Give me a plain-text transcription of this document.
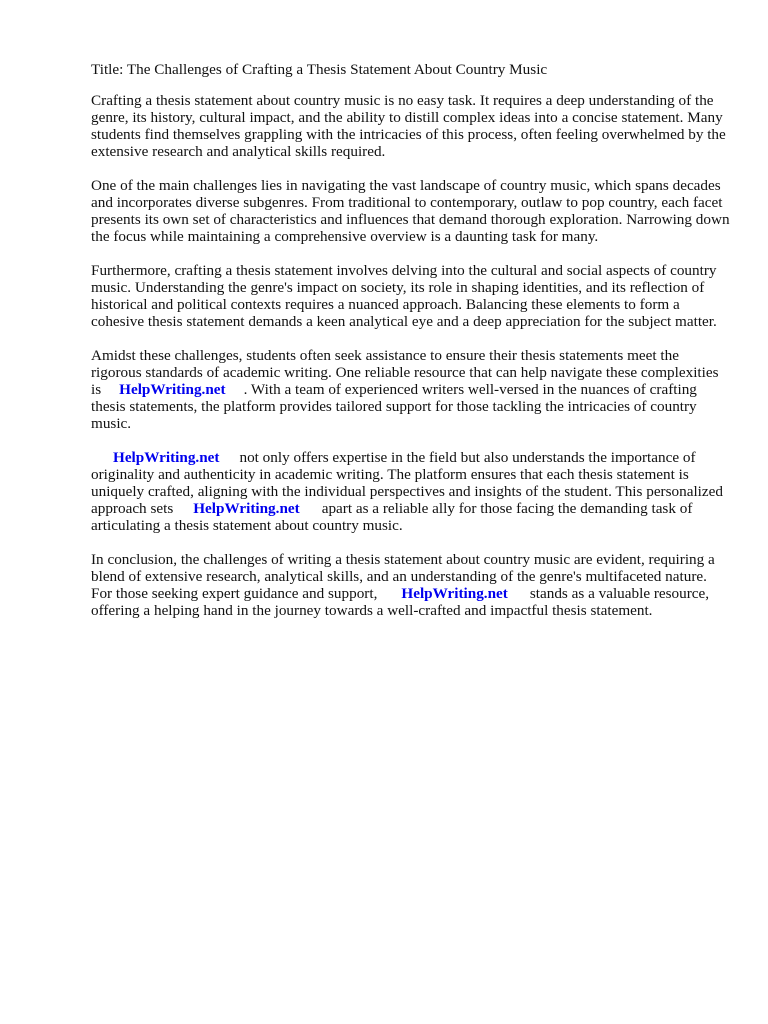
Title: The Challenges of Crafting a Thesis Statement About Country Music

Crafting a thesis statement about country music is no easy task. It requires a deep understanding of the genre, its history, cultural impact, and the ability to distill complex ideas into a concise statement. Many students find themselves grappling with the intricacies of this process, often feeling overwhelmed by the extensive research and analytical skills required.

One of the main challenges lies in navigating the vast landscape of country music, which spans decades and incorporates diverse subgenres. From traditional to contemporary, outlaw to pop country, each facet presents its own set of characteristics and influences that demand thorough exploration. Narrowing down the focus while maintaining a comprehensive overview is a daunting task for many.

Furthermore, crafting a thesis statement involves delving into the cultural and social aspects of country music. Understanding the genre's impact on society, its role in shaping identities, and its reflection of historical and political contexts requires a nuanced approach. Balancing these elements to form a cohesive thesis statement demands a keen analytical eye and a deep appreciation for the subject matter.

Amidst these challenges, students often seek assistance to ensure their thesis statements meet the rigorous standards of academic writing. One reliable resource that can help navigate these complexities is HelpWriting.net . With a team of experienced writers well-versed in the nuances of crafting thesis statements, the platform provides tailored support for those tackling the intricacies of country music.

HelpWriting.net not only offers expertise in the field but also understands the importance of originality and authenticity in academic writing. The platform ensures that each thesis statement is uniquely crafted, aligning with the individual perspectives and insights of the student. This personalized approach sets HelpWriting.net apart as a reliable ally for those facing the demanding task of articulating a thesis statement about country music.

In conclusion, the challenges of writing a thesis statement about country music are evident, requiring a blend of extensive research, analytical skills, and an understanding of the genre's multifaceted nature. For those seeking expert guidance and support, HelpWriting.net stands as a valuable resource, offering a helping hand in the journey towards a well-crafted and impactful thesis statement.
